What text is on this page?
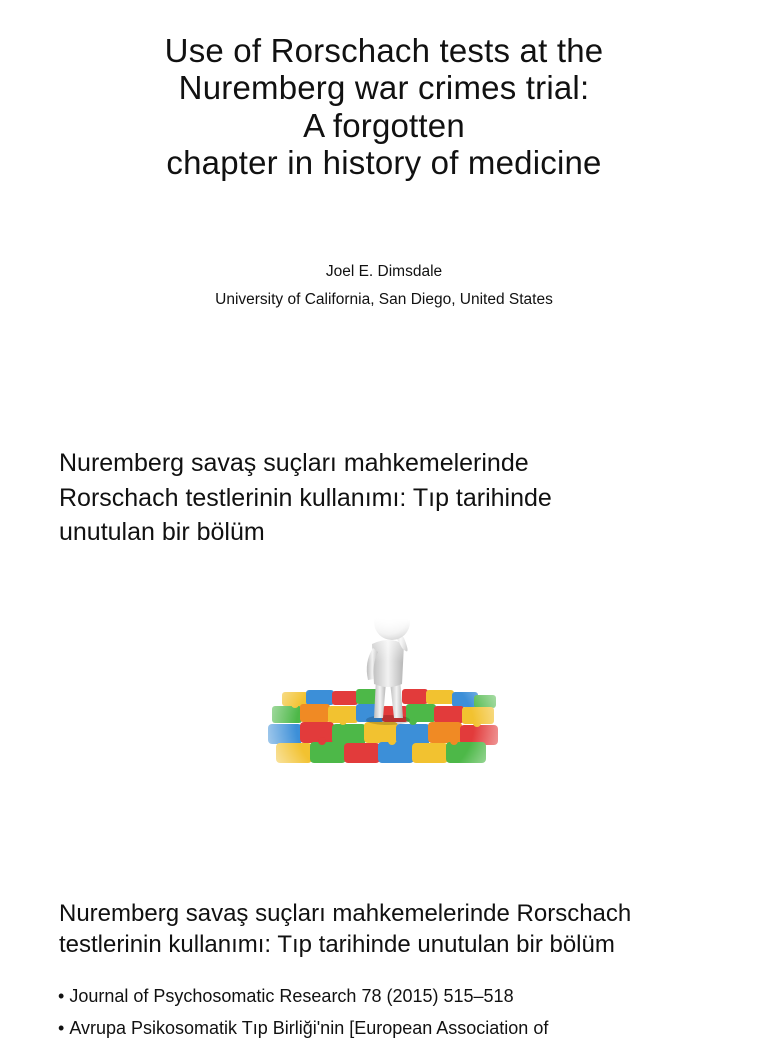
Use of Rorschach tests at the
Nuremberg war crimes trial:
A forgotten
chapter in history of medicine
Joel E. Dimsdale
University of California, San Diego, United States
Nuremberg savaş suçları mahkemelerinde
Rorschach testlerinin kullanımı: Tıp tarihinde
unutulan bir bölüm
Nuremberg savaş suçları mahkemelerinde Rorschach
testlerinin kullanımı: Tıp tarihinde unutulan bir bölüm
• Journal of Psychosomatic Research 78 (2015) 515–518
• Avrupa Psikosomatik Tıp Birliği'nin [European Association of
